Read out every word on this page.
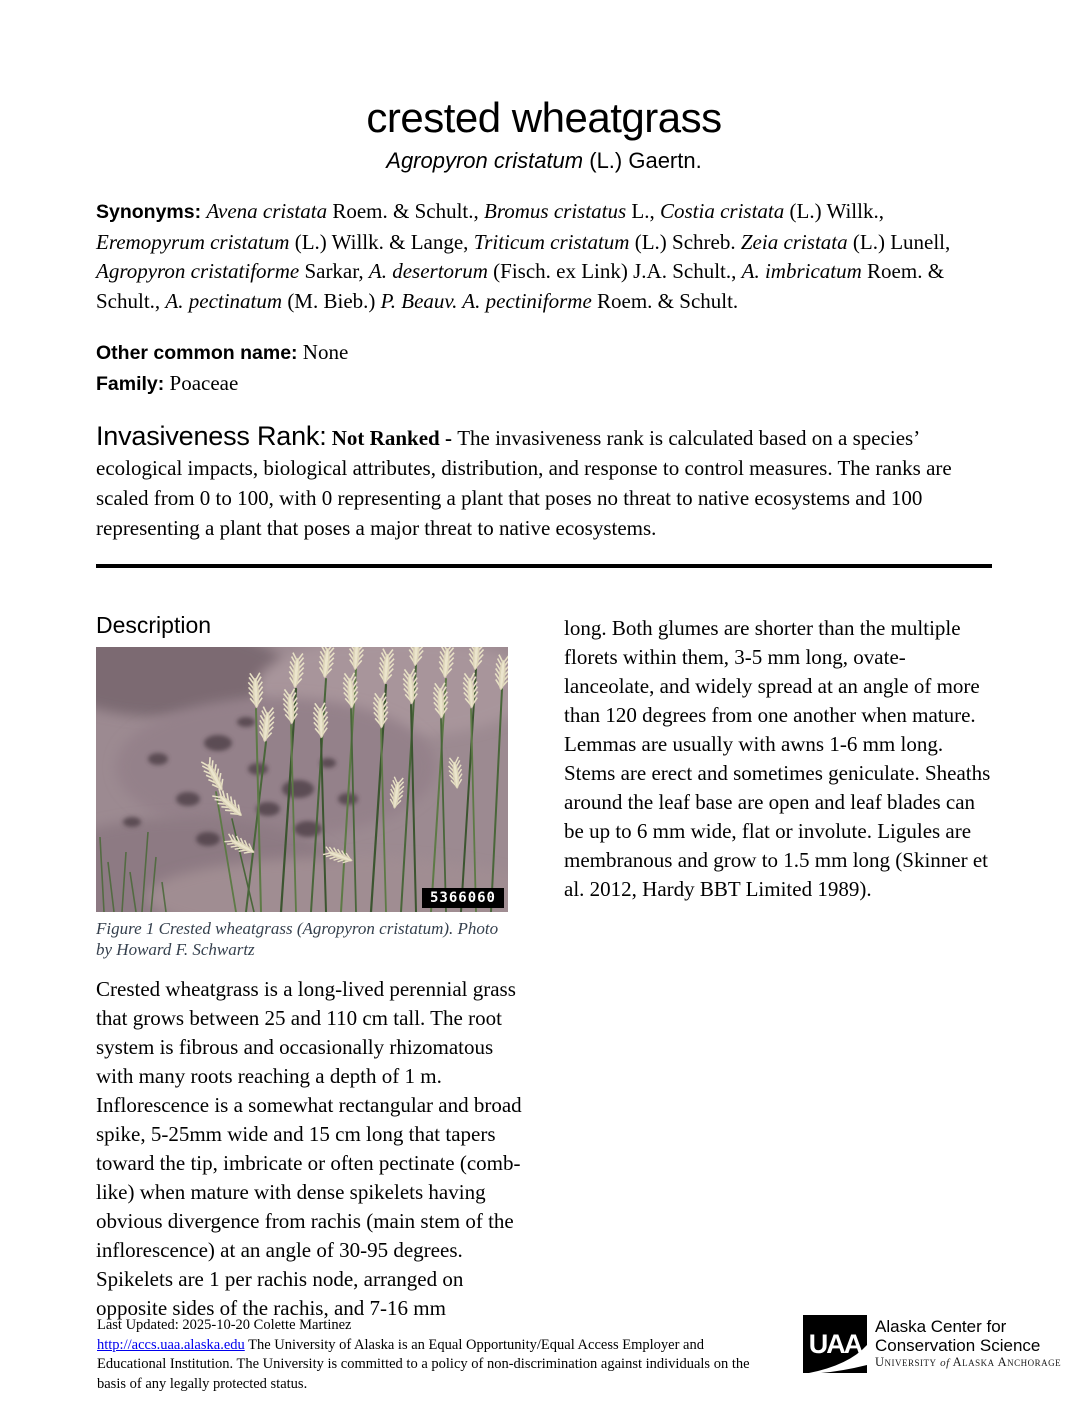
crested wheatgrass

Agropyron cristatum (L.) Gaertn.

Synonyms: Avena cristata Roem. & Schult., Bromus cristatus L., Costia cristata (L.) Willk., Eremopyrum cristatum (L.) Willk. & Lange, Triticum cristatum (L.) Schreb. Zeia cristata (L.) Lunell, Agropyron cristatiforme Sarkar, A. desertorum (Fisch. ex Link) J.A. Schult., A. imbricatum Roem. & Schult., A. pectinatum (M. Bieb.) P. Beauv. A. pectiniforme Roem. & Schult.

Other common name: None
Family: Poaceae

Invasiveness Rank: Not Ranked - The invasiveness rank is calculated based on a species’ ecological impacts, biological attributes, distribution, and response to control measures. The ranks are scaled from 0 to 100, with 0 representing a plant that poses no threat to native ecosystems and 100 representing a plant that poses a major threat to native ecosystems.

Description
5366060
Figure 1 Crested wheatgrass (Agropyron cristatum). Photo by Howard F. Schwartz

Crested wheatgrass is a long-lived perennial grass that grows between 25 and 110 cm tall. The root system is fibrous and occasionally rhizomatous with many roots reaching a depth of 1 m. Inflorescence is a somewhat rectangular and broad spike, 5-25mm wide and 15 cm long that tapers toward the tip, imbricate or often pectinate (comb-like) when mature with dense spikelets having obvious divergence from rachis (main stem of the inflorescence) at an angle of 30-95 degrees. Spikelets are 1 per rachis node, arranged on opposite sides of the rachis, and 7-16 mm

long. Both glumes are shorter than the multiple florets within them, 3-5 mm long, ovate-lanceolate, and widely spread at an angle of more than 120 degrees from one another when mature. Lemmas are usually with awns 1-6 mm long. Stems are erect and sometimes geniculate. Sheaths around the leaf base are open and leaf blades can be up to 6 mm wide, flat or involute. Ligules are membranous and grow to 1.5 mm long (Skinner et al. 2012, Hardy BBT Limited 1989).

Last Updated: 2025-10-20 Colette Martinez
http://accs.uaa.alaska.edu The University of Alaska is an Equal Opportunity/Equal Access Employer and Educational Institution. The University is committed to a policy of non-discrimination against individuals on the basis of any legally protected status.
UAA
Alaska Center for
Conservation Science
University of Alaska Anchorage
